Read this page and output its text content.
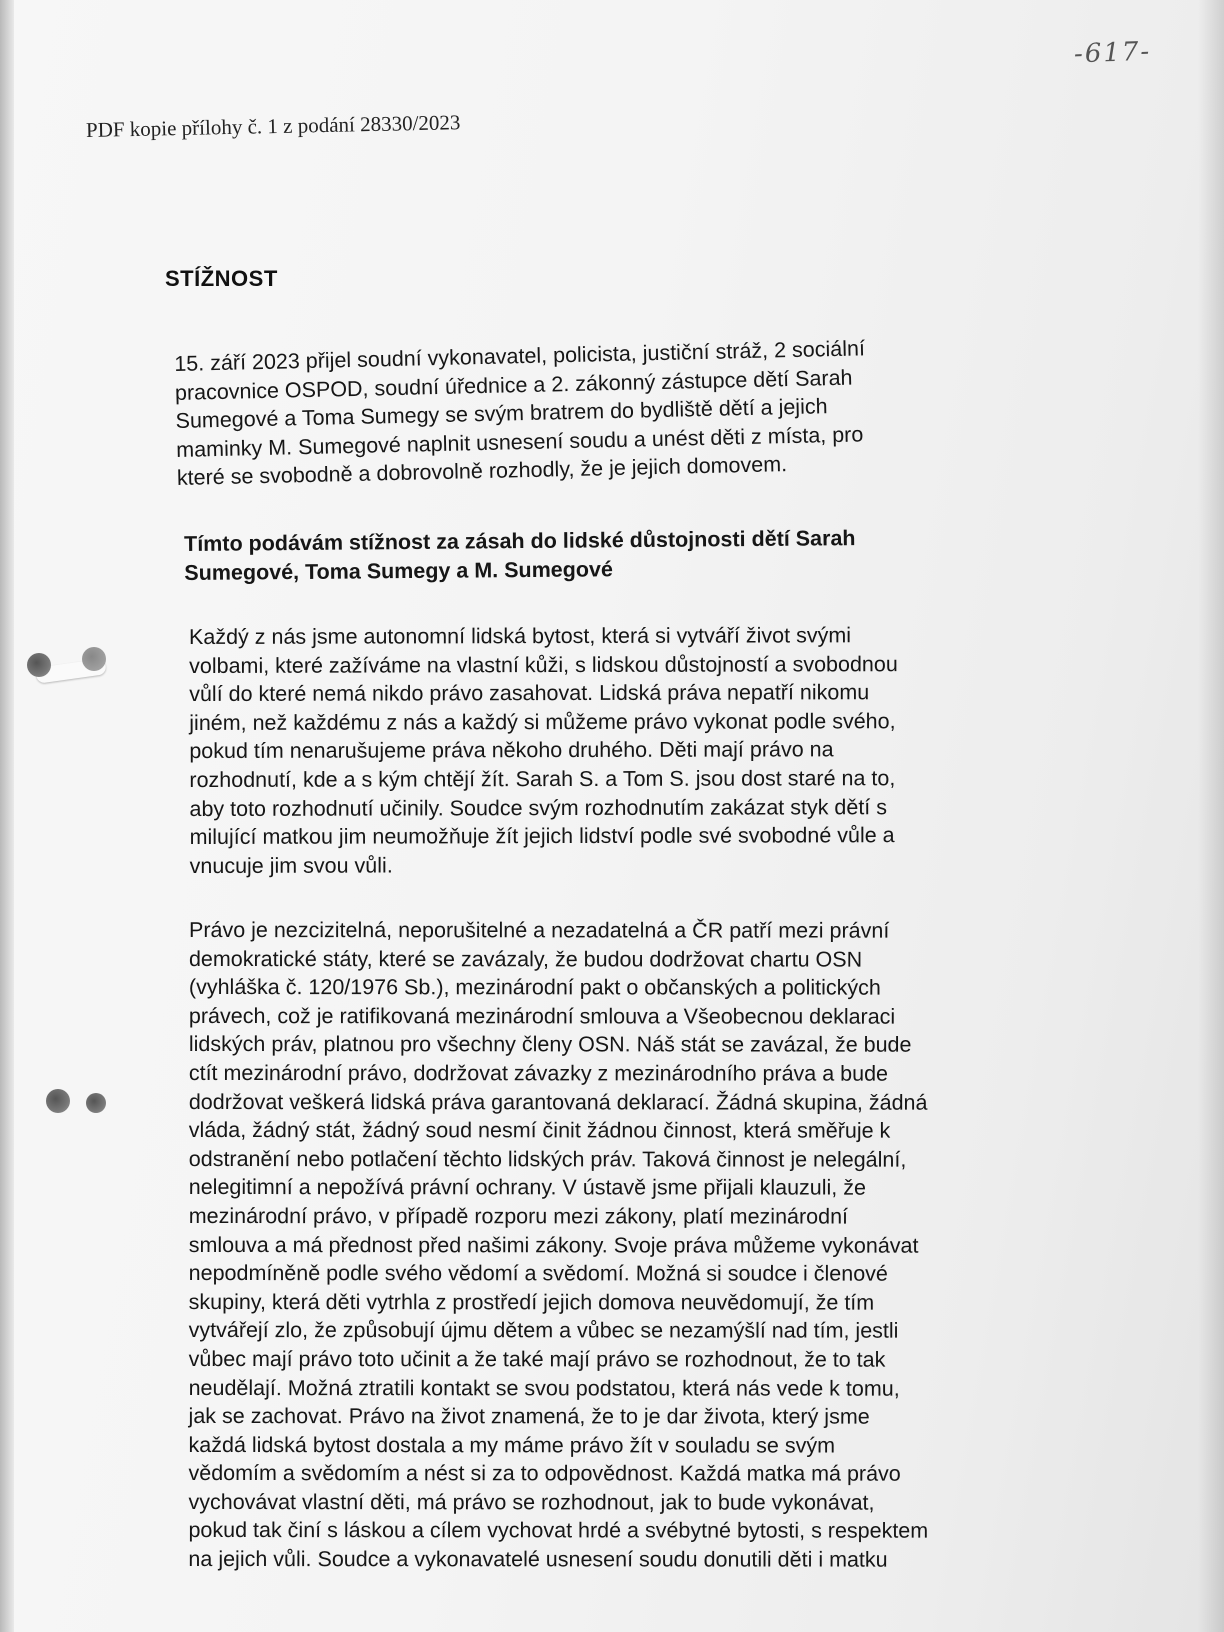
-617-
PDF kopie přílohy č. 1 z podání 28330/2023
STÍŽNOST
15. září 2023 přijel soudní vykonavatel, policista, justiční stráž, 2 sociální
pracovnice OSPOD, soudní úřednice a 2. zákonný zástupce dětí Sarah
Sumegové a Toma Sumegy se svým bratrem do bydliště dětí a jejich
maminky M. Sumegové naplnit usnesení soudu a unést děti z místa, pro
které se svobodně a dobrovolně rozhodly, že je jejich domovem.
Tímto podávám stížnost za zásah do lidské důstojnosti dětí Sarah
Sumegové, Toma Sumegy a M. Sumegové
Každý z nás jsme autonomní lidská bytost, která si vytváří život svými
volbami, které zažíváme na vlastní kůži, s lidskou důstojností a svobodnou
vůlí do které nemá nikdo právo zasahovat. Lidská práva nepatří nikomu
jiném, než každému z nás a každý si můžeme právo vykonat podle svého,
pokud tím nenarušujeme práva někoho druhého. Děti mají právo na
rozhodnutí, kde a s kým chtějí žít. Sarah S. a Tom S. jsou dost staré na to,
aby toto rozhodnutí učinily. Soudce svým rozhodnutím zakázat styk dětí s
milující matkou jim neumožňuje žít jejich lidství podle své svobodné vůle a
vnucuje jim svou vůli.
Právo je nezcizitelná, neporušitelné a nezadatelná a ČR patří mezi právní
demokratické státy, které se zavázaly, že budou dodržovat chartu OSN
(vyhláška č. 120/1976 Sb.), mezinárodní pakt o občanských a politických
právech, což je ratifikovaná mezinárodní smlouva a Všeobecnou deklaraci
lidských práv, platnou pro všechny členy OSN. Náš stát se zavázal, že bude
ctít mezinárodní právo, dodržovat závazky z mezinárodního práva a bude
dodržovat veškerá lidská práva garantovaná deklarací. Žádná skupina, žádná
vláda, žádný stát, žádný soud nesmí činit žádnou činnost, která směřuje k
odstranění nebo potlačení těchto lidských práv. Taková činnost je nelegální,
nelegitimní a nepožívá právní ochrany. V ústavě jsme přijali klauzuli, že
mezinárodní právo, v případě rozporu mezi zákony, platí mezinárodní
smlouva a má přednost před našimi zákony. Svoje práva můžeme vykonávat
nepodmíněně podle svého vědomí a svědomí. Možná si soudce i členové
skupiny, která děti vytrhla z prostředí jejich domova neuvědomují, že tím
vytvářejí zlo, že způsobují újmu dětem a vůbec se nezamýšlí nad tím, jestli
vůbec mají právo toto učinit a že také mají právo se rozhodnout, že to tak
neudělají. Možná ztratili kontakt se svou podstatou, která nás vede k tomu,
jak se zachovat. Právo na život znamená, že to je dar života, který jsme
každá lidská bytost dostala a my máme právo žít v souladu se svým
vědomím a svědomím a nést si za to odpovědnost. Každá matka má právo
vychovávat vlastní děti, má právo se rozhodnout, jak to bude vykonávat,
pokud tak činí s láskou a cílem vychovat hrdé a svébytné bytosti, s respektem
na jejich vůli. Soudce a vykonavatelé usnesení soudu donutili děti i matku
